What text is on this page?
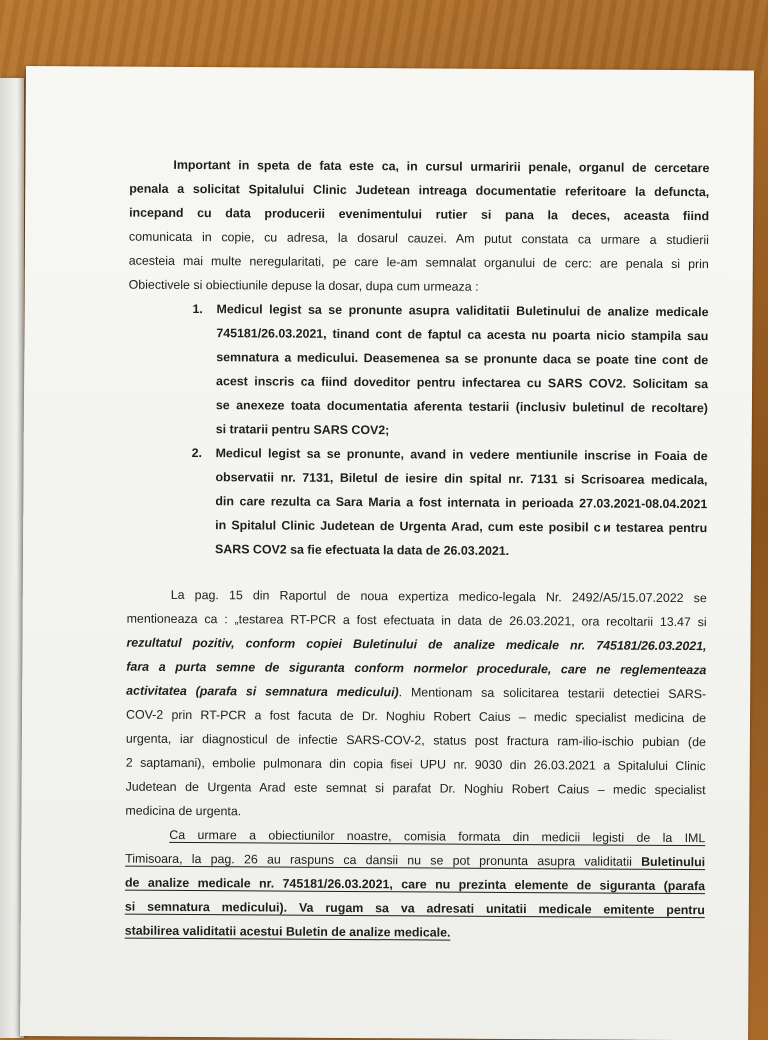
Important in speta de fata este ca, in cursul urmaririi penale, organul de cercetare
penala a solicitat Spitalului Clinic Judetean intreaga documentatie referitoare la defuncta,
incepand cu data producerii evenimentului rutier si pana la deces, aceasta fiind
comunicata in copie, cu adresa, la dosarul cauzei. Am putut constata ca urmare a studierii
acesteia mai multe neregularitati, pe care le-am semnalat organului de cerc: are penala si prin
Obiectivele si obiectiunile depuse la dosar, dupa cum urmeaza :
1.	Medicul legist sa se pronunte asupra validitatii Buletinului de analize medicale
745181/26.03.2021, tinand cont de faptul ca acesta nu poarta nicio stampila sau
semnatura a medicului. Deasemenea sa se pronunte daca se poate tine cont de
acest inscris ca fiind doveditor pentru infectarea cu SARS COV2. Solicitam sa
se anexeze toata documentatia aferenta testarii (inclusiv buletinul de recoltare)
si tratarii pentru SARS COV2;
2.	Medicul legist sa se pronunte, avand in vedere mentiunile inscrise in Foaia de
observatii nr. 7131, Biletul de iesire din spital nr. 7131 si Scrisoarea medicala,
din care rezulta ca Sara Maria a fost internata in perioada 27.03.2021-08.04.2021
in Spitalul Clinic Judetean de Urgenta Arad, cum este posibil c ᴎ testarea pentru
SARS COV2 sa fie efectuata la data de 26.03.2021.
La pag. 15 din Raportul de noua expertiza medico-legala Nr. 2492/A5/15.07.2022 se
mentioneaza ca : „testarea RT-PCR a fost efectuata in data de 26.03.2021, ora recoltarii 13.47 si
rezultatul pozitiv, conform copiei Buletinului de analize medicale nr. 745181/26.03.2021,
fara a purta semne de siguranta conform normelor procedurale, care ne reglementeaza
activitatea (parafa si semnatura medicului). Mentionam sa solicitarea testarii detectiei SARS-
COV-2 prin RT-PCR a fost facuta de Dr. Noghiu Robert Caius – medic specialist medicina de
urgenta, iar diagnosticul de infectie SARS-COV-2, status post fractura ram-ilio-ischio pubian (de
2 saptamani), embolie pulmonara din copia fisei UPU nr. 9030 din 26.03.2021 a Spitalului Clinic
Judetean de Urgenta Arad este semnat si parafat Dr. Noghiu Robert Caius – medic specialist
medicina de urgenta.
Ca urmare a obiectiunilor noastre, comisia formata din medicii legisti de la IML
Timisoara, la pag. 26 au raspuns ca dansii nu se pot pronunta asupra validitatii Buletinului
de analize medicale nr. 745181/26.03.2021, care nu prezinta elemente de siguranta (parafa
si semnatura medicului). Va rugam sa va adresati unitatii medicale emitente pentru
stabilirea validitatii acestui Buletin de analize medicale.
